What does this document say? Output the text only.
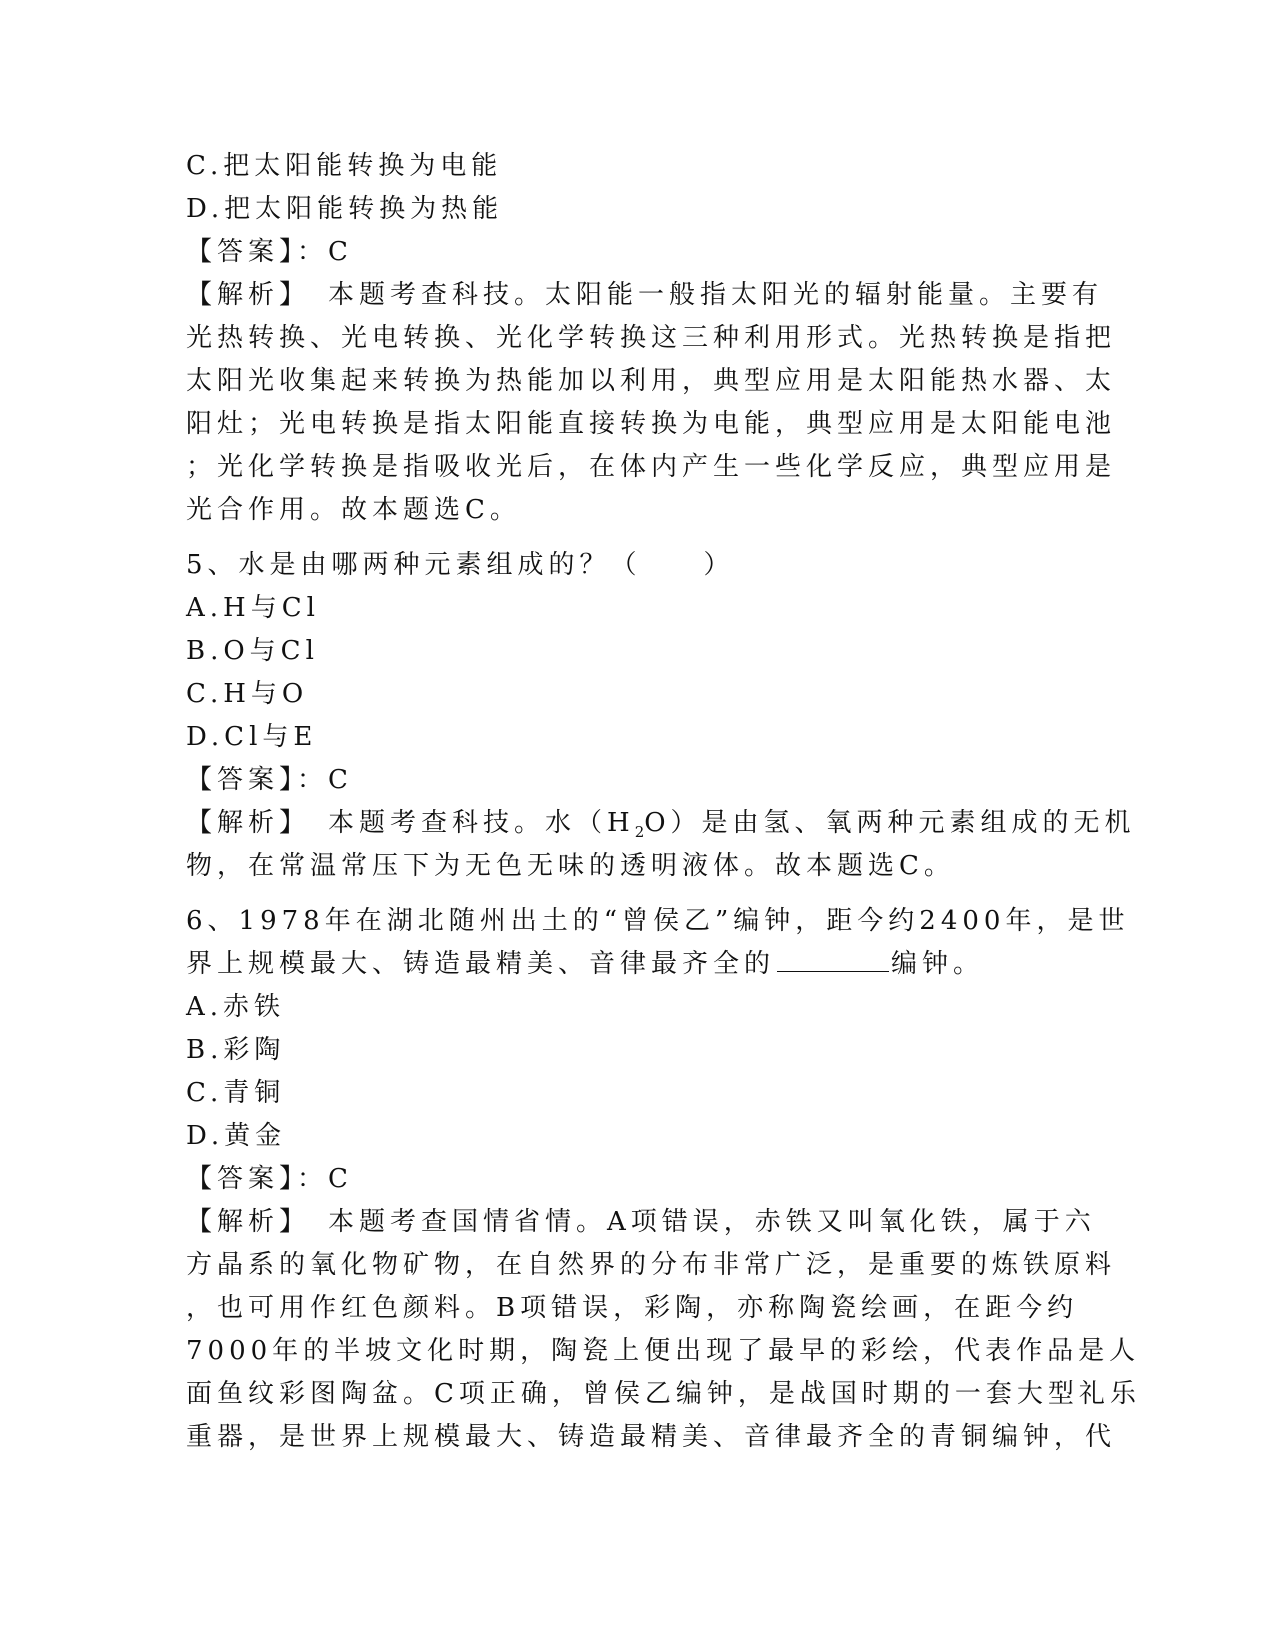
C.把太阳能转换为电能
D.把太阳能转换为热能
【答案】：C
【解析】　本题考查科技。太阳能一般指太阳光的辐射能量。主要有
光热转换、光电转换、光化学转换这三种利用形式。光热转换是指把
太阳光收集起来转换为热能加以利用，典型应用是太阳能热水器、太
阳灶；光电转换是指太阳能直接转换为电能，典型应用是太阳能电池
；光化学转换是指吸收光后，在体内产生一些化学反应，典型应用是
光合作用。故本题选C。
5、水是由哪两种元素组成的？（　　）
A.H与Cl
B.O与Cl
C.H与O
D.Cl与E
【答案】：C
【解析】　本题考查科技。水$(H_2O)$是由氢、氧两种元素组成的无机
物，在常温常压下为无色无味的透明液体。故本题选C。
6、1978年在湖北随州出土的“曾侯乙”编钟，距今约2400年，是世
界上规模最大、铸造最精美、音律最齐全的	编钟。
A.赤铁
B.彩陶
C.青铜
D.黄金
【答案】：C
【解析】　本题考查国情省情。A项错误，赤铁又叫氧化铁，属于六
方晶系的氧化物矿物，在自然界的分布非常广泛，是重要的炼铁原料
，也可用作红色颜料。B项错误，彩陶，亦称陶瓷绘画，在距今约
7000年的半坡文化时期，陶瓷上便出现了最早的彩绘，代表作品是人
面鱼纹彩图陶盆。C项正确，曾侯乙编钟，是战国时期的一套大型礼乐
重器，是世界上规模最大、铸造最精美、音律最齐全的青铜编钟，代
